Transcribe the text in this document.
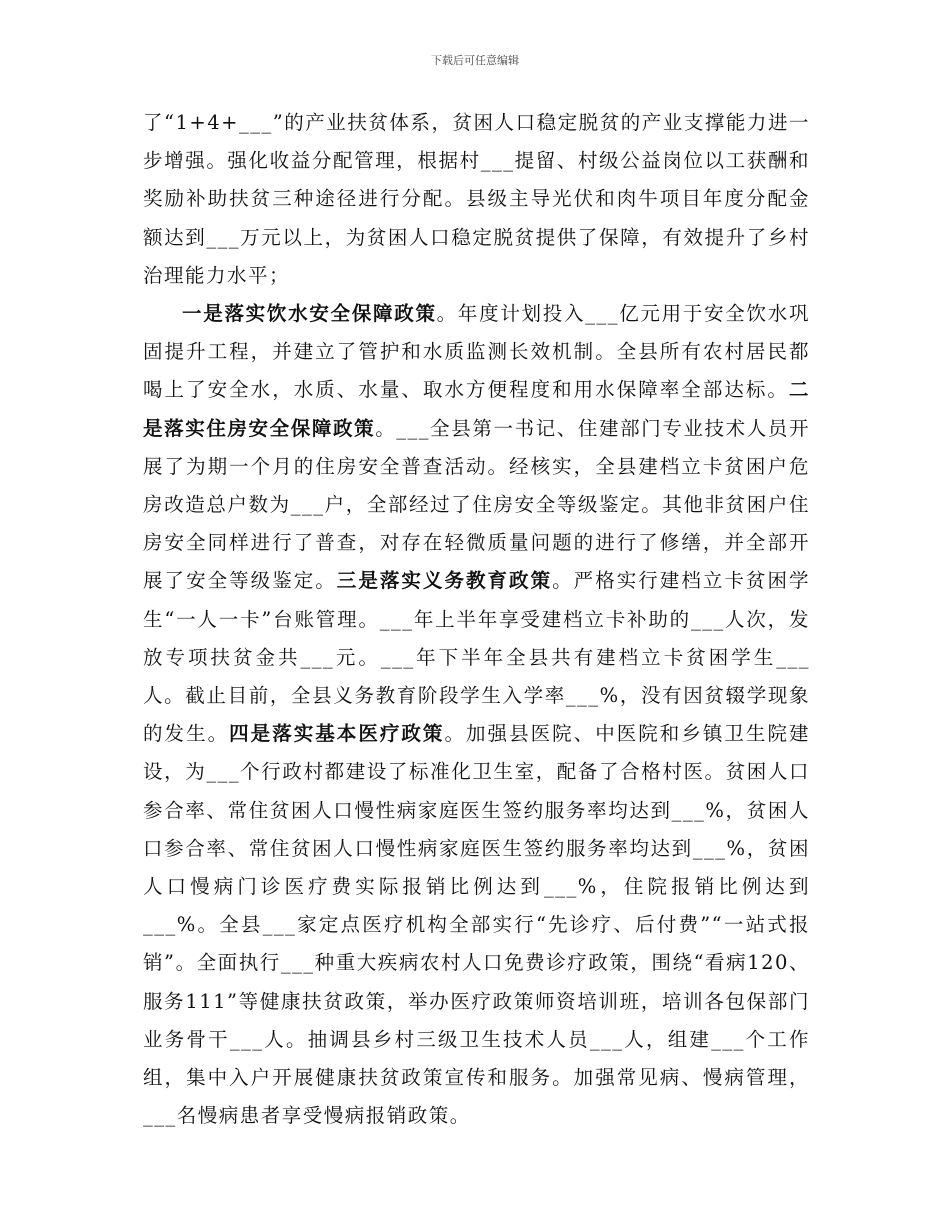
下载后可任意编辑

了“1+4+___”的产业扶贫体系，贫困人口稳定脱贫的产业支撑能力进一步增强。强化收益分配管理，根据村___提留、村级公益岗位以工获酬和奖励补助扶贫三种途径进行分配。县级主导光伏和肉牛项目年度分配金额达到___万元以上，为贫困人口稳定脱贫提供了保障，有效提升了乡村治理能力水平；

一是落实饮水安全保障政策。年度计划投入___亿元用于安全饮水巩固提升工程，并建立了管护和水质监测长效机制。全县所有农村居民都喝上了安全水，水质、水量、取水方便程度和用水保障率全部达标。二是落实住房安全保障政策。___全县第一书记、住建部门专业技术人员开展了为期一个月的住房安全普查活动。经核实，全县建档立卡贫困户危房改造总户数为___户，全部经过了住房安全等级鉴定。其他非贫困户住房安全同样进行了普查，对存在轻微质量问题的进行了修缮，并全部开展了安全等级鉴定。三是落实义务教育政策。严格实行建档立卡贫困学生“一人一卡”台账管理。___年上半年享受建档立卡补助的___人次，发放专项扶贫金共___元。___年下半年全县共有建档立卡贫困学生___人。截止目前，全县义务教育阶段学生入学率___%，没有因贫辍学现象的发生。四是落实基本医疗政策。加强县医院、中医院和乡镇卫生院建设，为___个行政村都建设了标准化卫生室，配备了合格村医。贫困人口参合率、常住贫困人口慢性病家庭医生签约服务率均达到___%，贫困人口参合率、常住贫困人口慢性病家庭医生签约服务率均达到___%，贫困人口慢病门诊医疗费实际报销比例达到___%，住院报销比例达到___%。全县___家定点医疗机构全部实行“先诊疗、后付费”“一站式报销”。全面执行___种重大疾病农村人口免费诊疗政策，围绕“看病120、服务111”等健康扶贫政策，举办医疗政策师资培训班，培训各包保部门业务骨干___人。抽调县乡村三级卫生技术人员___人，组建___个工作组，集中入户开展健康扶贫政策宣传和服务。加强常见病、慢病管理，___名慢病患者享受慢病报销政策。
